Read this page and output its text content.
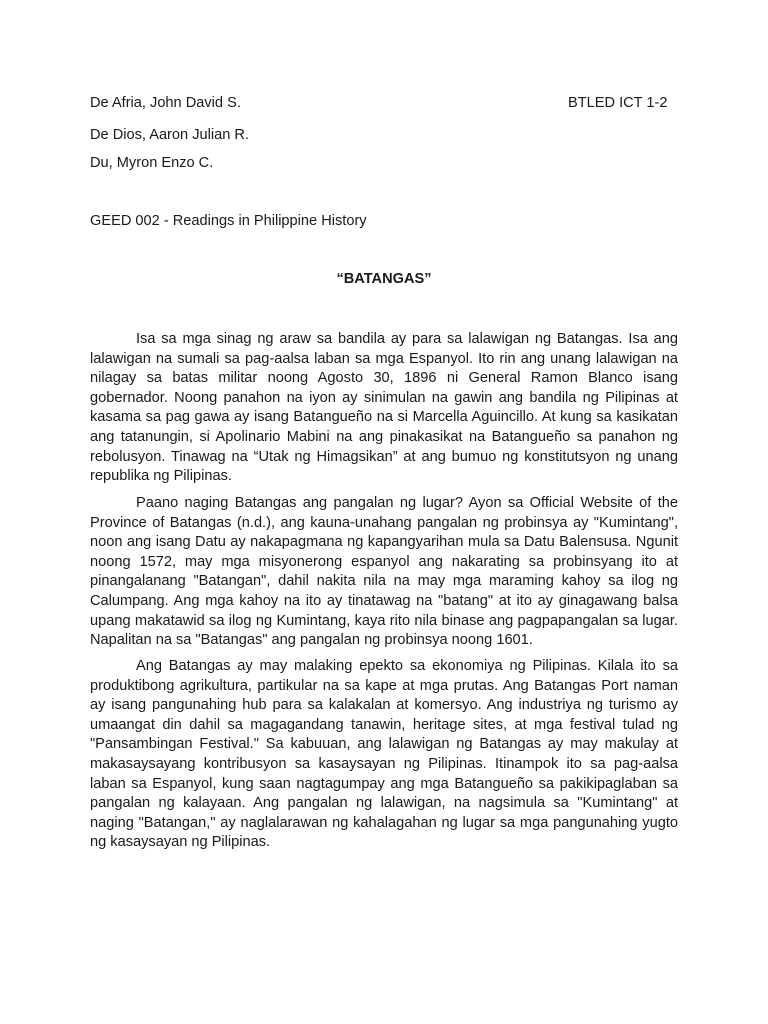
De Afria, John David S.	BTLED ICT 1-2
De Dios, Aaron Julian R.
Du, Myron Enzo C.
GEED 002 - Readings in Philippine History
“BATANGAS”

Isa sa mga sinag ng araw sa bandila ay para sa lalawigan ng Batangas. Isa ang lalawigan na sumali sa pag-aalsa laban sa mga Espanyol. Ito rin ang unang lalawigan na nilagay sa batas militar noong Agosto 30, 1896 ni General Ramon Blanco isang gobernador. Noong panahon na iyon ay sinimulan na gawin ang bandila ng Pilipinas at kasama sa pag gawa ay isang Batangueño na si Marcella Aguincillo. At kung sa kasikatan ang tatanungin, si Apolinario Mabini na ang pinakasikat na Batangueño sa panahon ng rebolusyon. Tinawag na “Utak ng Himagsikan” at ang bumuo ng konstitutsyon ng unang republika ng Pilipinas.

Paano naging Batangas ang pangalan ng lugar? Ayon sa Official Website of the Province of Batangas (n.d.), ang kauna-unahang pangalan ng probinsya ay "Kumintang", noon ang isang Datu ay nakapagmana ng kapangyarihan mula sa Datu Balensusa. Ngunit noong 1572, may mga misyonerong espanyol ang nakarating sa probinsyang ito at pinangalanang "Batangan", dahil nakita nila na may mga maraming kahoy sa ilog ng Calumpang. Ang mga kahoy na ito ay tinatawag na "batang" at ito ay ginagawang balsa upang makatawid sa ilog ng Kumintang, kaya rito nila binase ang pagpapangalan sa lugar. Napalitan na sa "Batangas" ang pangalan ng probinsya noong 1601.

Ang Batangas ay may malaking epekto sa ekonomiya ng Pilipinas. Kilala ito sa produktibong agrikultura, partikular na sa kape at mga prutas. Ang Batangas Port naman ay isang pangunahing hub para sa kalakalan at komersyo. Ang industriya ng turismo ay umaangat din dahil sa magagandang tanawin, heritage sites, at mga festival tulad ng "Pansambingan Festival." Sa kabuuan, ang lalawigan ng Batangas ay may makulay at makasaysayang kontribusyon sa kasaysayan ng Pilipinas. Itinampok ito sa pag-aalsa laban sa Espanyol, kung saan nagtagumpay ang mga Batangueño sa pakikipaglaban sa pangalan ng kalayaan. Ang pangalan ng lalawigan, na nagsimula sa "Kumintang" at naging "Batangan," ay naglalarawan ng kahalagahan ng lugar sa mga pangunahing yugto ng kasaysayan ng Pilipinas.
